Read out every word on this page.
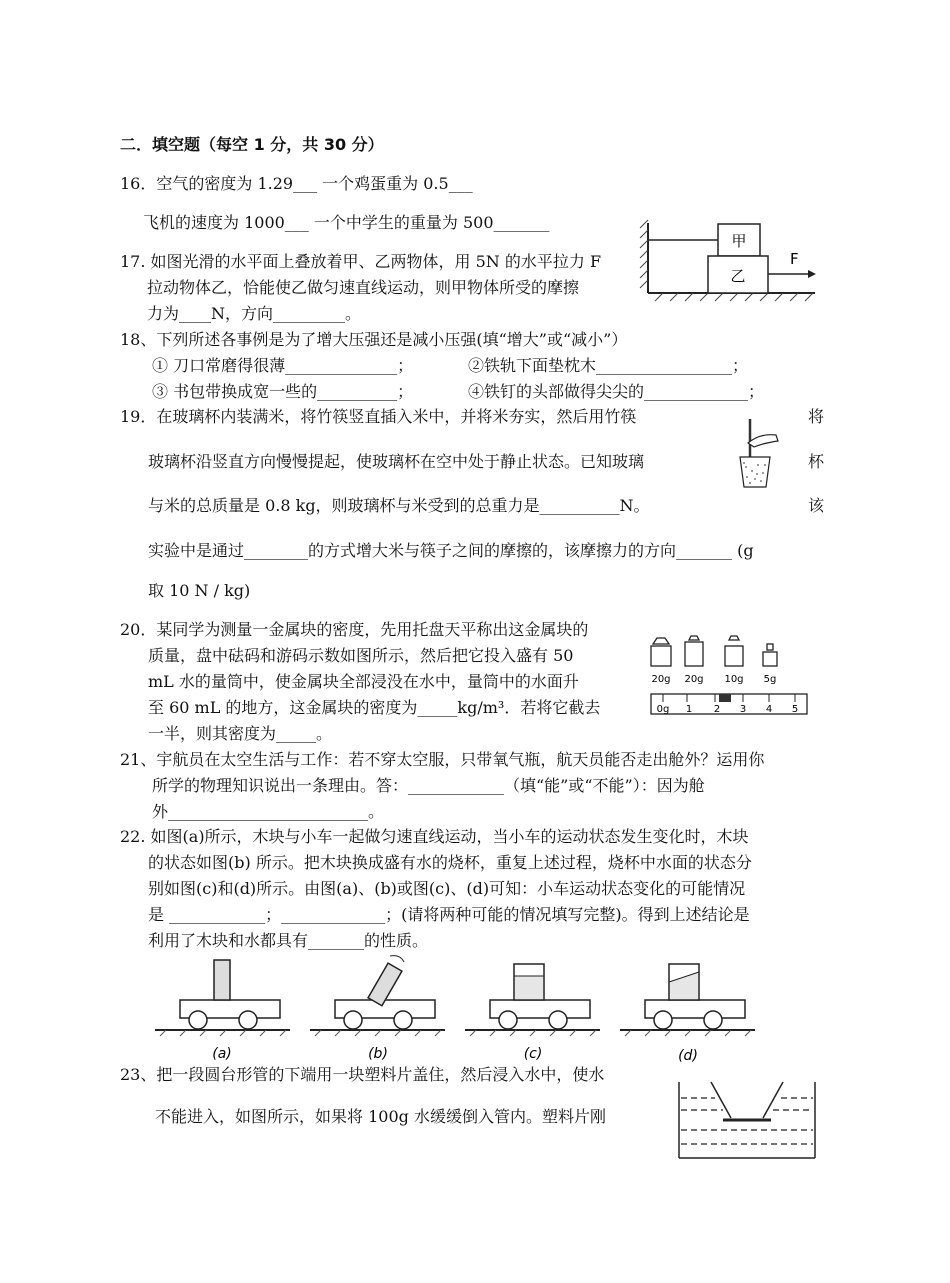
二．填空题（每空 1 分，共 30 分）
16．空气的密度为 1.29___ 一个鸡蛋重为 0.5___
飞机的速度为 1000___ 一个中学生的重量为 500_______
17. 如图光滑的水平面上叠放着甲、乙两物体，用 5N 的水平拉力 F
拉动物体乙，恰能使乙做匀速直线运动，则甲物体所受的摩擦
力为____N，方向_________。
甲
乙
F
18、下列所述各事例是为了增大压强还是减小压强(填“增大”或“减小”）
① 刀口常磨得很薄______________；	②铁轨下面垫枕木_________________；
③ 书包带换成宽一些的__________；	④铁钉的头部做得尖尖的_____________；
19．在玻璃杯内装满米，将竹筷竖直插入米中，并将米夯实，然后用竹筷	将
玻璃杯沿竖直方向慢慢提起，使玻璃杯在空中处于静止状态。已知玻璃	杯
与米的总质量是 0.8 kg，则玻璃杯与米受到的总重力是__________N。	该
实验中是通过________的方式增大米与筷子之间的摩擦的，该摩擦力的方向_______ (g
取 10 N / kg)
20．某同学为测量一金属块的密度，先用托盘天平称出这金属块的
质量，盘中砝码和游码示数如图所示，然后把它投入盛有 50
mL 水的量筒中，使金属块全部浸没在水中，量筒中的水面升
至 60 mL 的地方，这金属块的密度为_____kg/m³．若将它截去
一半，则其密度为_____。
20g 20g 10g 5g
0g 1 2 3 4 5
21、宇航员在太空生活与工作：若不穿太空服，只带氧气瓶，航天员能否走出舱外？运用你
所学的物理知识说出一条理由。答：____________（填“能”或“不能”）：因为舱
外_________________________。
22. 如图(a)所示，木块与小车一起做匀速直线运动，当小车的运动状态发生变化时，木块
的状态如图(b) 所示。把木块换成盛有水的烧杯，重复上述过程，烧杯中水面的状态分
别如图(c)和(d)所示。由图(a)、(b)或图(c)、(d)可知：小车运动状态变化的可能情况
是 ____________；_____________；(请将两种可能的情况填写完整)。得到上述结论是
利用了木块和水都具有_______的性质。
(a)	(b)	(c)	(d)
23、把一段圆台形管的下端用一块塑料片盖住，然后浸入水中，使水
不能进入，如图所示，如果将 100g 水缓缓倒入管内。塑料片刚
